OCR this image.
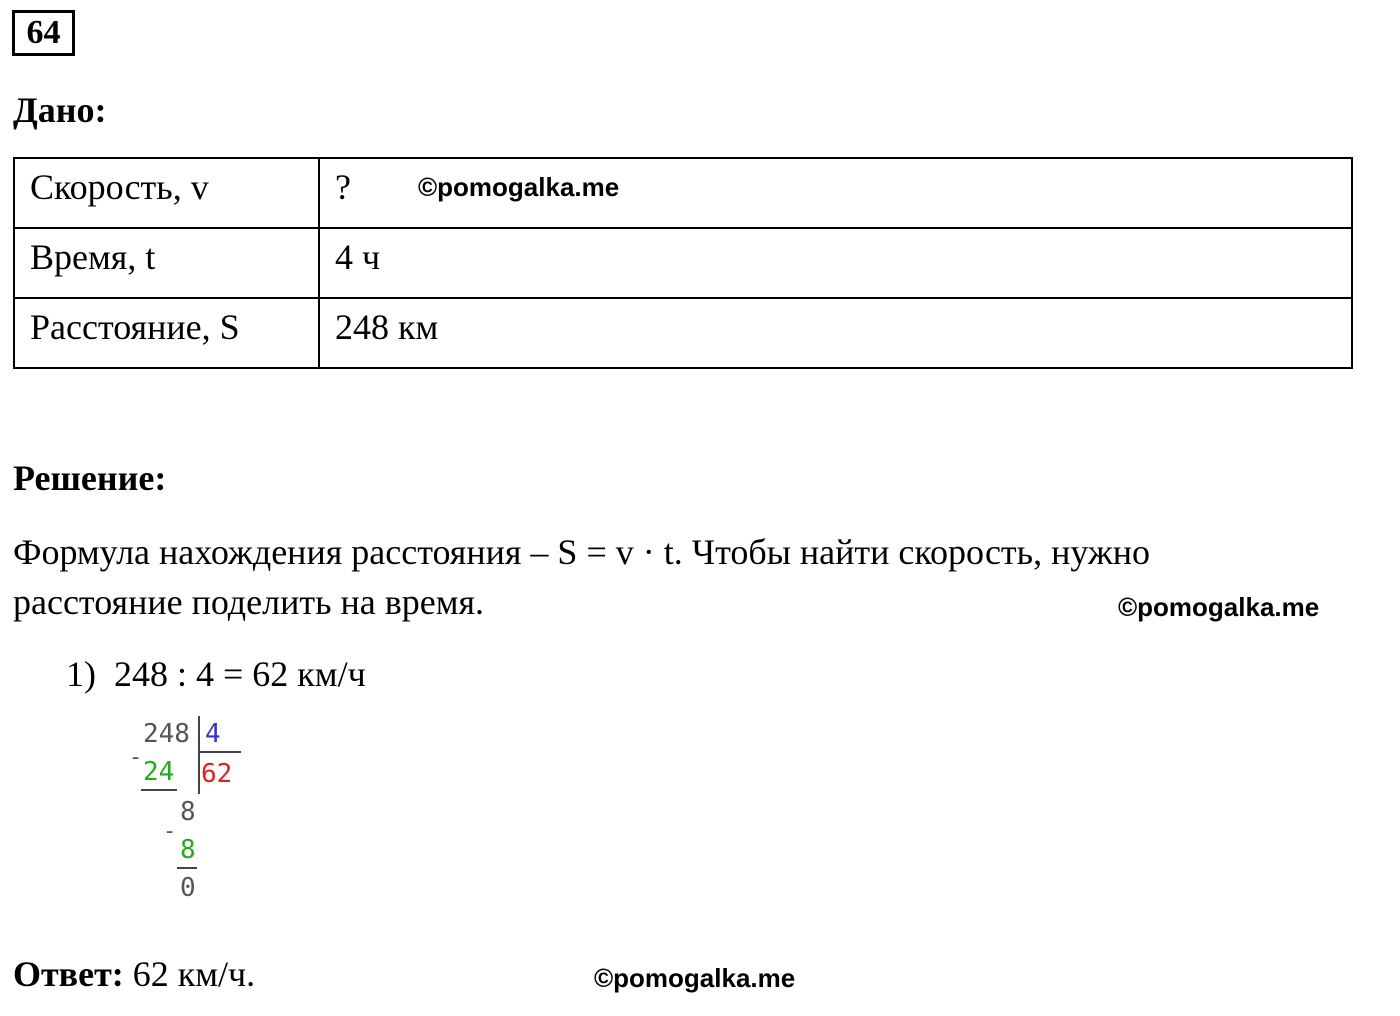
64
Дано:
Скорость, v	?
Время, t	4 ч
Расстояние, S	248 км
©pomogalka.me
Решение:
Формула нахождения расстояния – S = v · t. Чтобы найти скорость, нужно
расстояние поделить на время.	©pomogalka.me
1) 248 : 4 = 62 км/ч
248 4
- 24 62
8
-
8
0
Ответ: 62 км/ч.	©pomogalka.me
